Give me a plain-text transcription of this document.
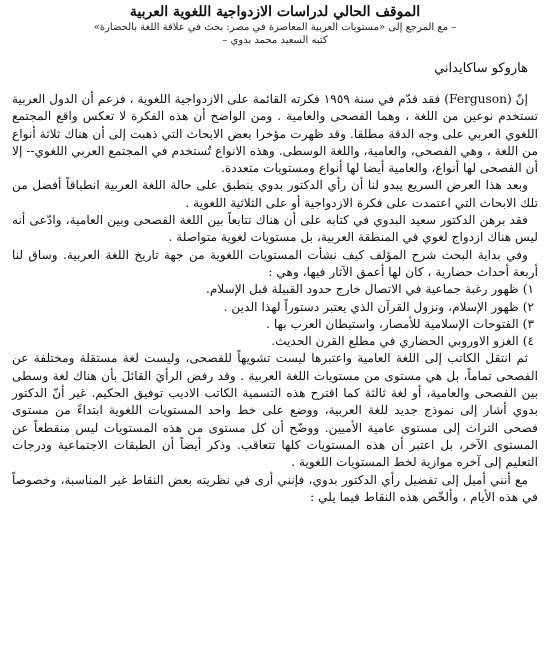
الموقف الحالي لدراسات الازدواجية اللغوية العربية

– مع المرجع إلى «مستويات العربية المعاصرة في مصر: بحث في علاقة اللغة بالحضارة»

كتبه السعيد محمد بدوي –

هاروكو ساكايداني

إنّ (Ferguson) فقد قدّم في سنة ١٩٥٩ فكرته القائمة على الازدواجية اللغوية ، فزعم أن الدول العربية تستخدم نوعين من اللغة ، وهما الفصحى والعامية . ومن الواضح أن هذه الفكرة لا تعكس واقع المجتمع اللغوي العربي على وجه الدقة مطلقا. وقد ظهرت مؤخرا بعض الابحاث التي ذهبت إلى أن هناك ثلاثة أنواع من اللغة ، وهي الفصحى، والعامية، واللغة الوسطى. وهذه الانواع تُستخدم في المجتمع العربي اللغوي-- إلا أن الفصحى لها أنواع، والعامية أيضا لها أنواع ومستويات متعددة.

وبعد هذا العرض السريع يبدو لنا أن رأي الدكتور بدوي ينطبق على حالة اللغة العربية انطباقاً أفضل من تلك الابحاث التي اعتمدت على فكرة الازدواجية أو على الثلاثية اللغوية .

فقد برهن الدكتور سعيد البدوي في كتابه على أن هناك تتابعاً بين اللغة الفصحى وبين العامية، وادّعى أنه ليس هناك ازدواج لغوي في المنطقة العربية، بل مستويات لغوية متواصلة .

وفي بداية البحث شرح المؤلف كيف نشأت المستويات اللغوية من جهة تاريخ اللغة العربية. وساق لنا أربعة أحداث حضارية ، كان لها أعمق الآثار فيها، وهي :

١) ظهور رغبة جماعية في الاتصال خارج حدود القبيلة قبل الإسلام.
٢) ظهور الإسلام، ونزول القرآن الذي يعتبر دستوراً لهذا الدين .
٣) الفتوحات الإسلامية للأمصار، واستيطان العرب بها .
٤) الغزو الاوروبي الحضاري في مطلع القرن الحديث.

ثم انتقل الكاتب إلى اللغة العامية واعتبرها ليست تشويهاً للفصحى، وليست لغة مستقلة ومختلفة عن الفصحى تماماً، بل هي مستوى من مستويات اللغة العربية . وقد رفض الرأيَ القائلَ بأن هناك لغة وسطى بين الفصحى والعامية، أو لغة ثالثة كما اقترح هذه التسمية الكاتب الاديب توفيق الحكيم. غير أنّ الدكتور بدوي أشار إلى نموذج جديد للغة العربية، ووضع على خط واحد المستويات اللغوية ابتداءً من مستوى فصحى التراث إلى مستوى عامية الأميين. ووضّح أن كل مستوى من هذه المستويات ليس منقطعاً عن المستوى الآخر، بل اعتبر أن هذه المستويات كلها تتعاقب. وذكر أيضاً أن الطبقات الاجتماعية ودرجات التعليم إلى آخره موازية لخط المستويات اللغوية .

مع أنني أميل إلى تفضيل رأي الدكتور بدوي، فإنني أرى في نظريته بعض النقاط غير المناسبة، وخصوصاً في هذه الأيام ، وألخّص هذه النقاط فيما يلي :
